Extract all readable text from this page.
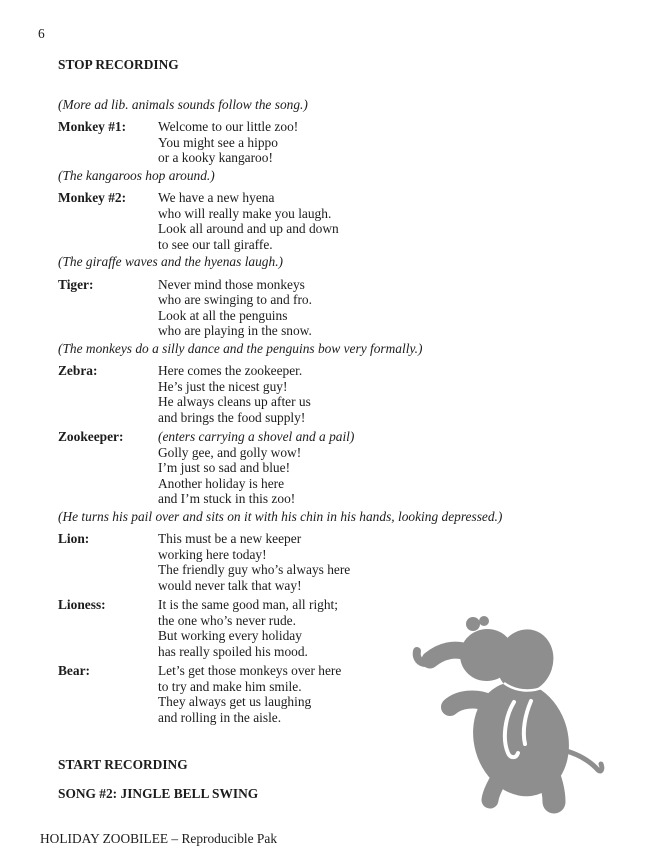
6
STOP RECORDING
(More ad lib. animals sounds follow the song.)
Monkey #1:	Welcome to our little zoo!
You might see a hippo
or a kooky kangaroo!
(The kangaroos hop around.)
Monkey #2:	We have a new hyena
who will really make you laugh.
Look all around and up and down
to see our tall giraffe.
(The giraffe waves and the hyenas laugh.)
Tiger:	Never mind those monkeys
who are swinging to and fro.
Look at all the penguins
who are playing in the snow.
(The monkeys do a silly dance and the penguins bow very formally.)
Zebra:	Here comes the zookeeper.
He’s just the nicest guy!
He always cleans up after us
and brings the food supply!
Zookeeper:	(enters carrying a shovel and a pail)
Golly gee, and golly wow!
I’m just so sad and blue!
Another holiday is here
and I’m stuck in this zoo!
(He turns his pail over and sits on it with his chin in his hands, looking depressed.)
Lion:	This must be a new keeper
working here today!
The friendly guy who’s always here
would never talk that way!
Lioness:	It is the same good man, all right;
the one who’s never rude.
But working every holiday
has really spoiled his mood.
Bear:	Let’s get those monkeys over here
to try and make him smile.
They always get us laughing
and rolling in the aisle.
START RECORDING
SONG #2: JINGLE BELL SWING
HOLIDAY ZOOBILEE – Reproducible Pak
